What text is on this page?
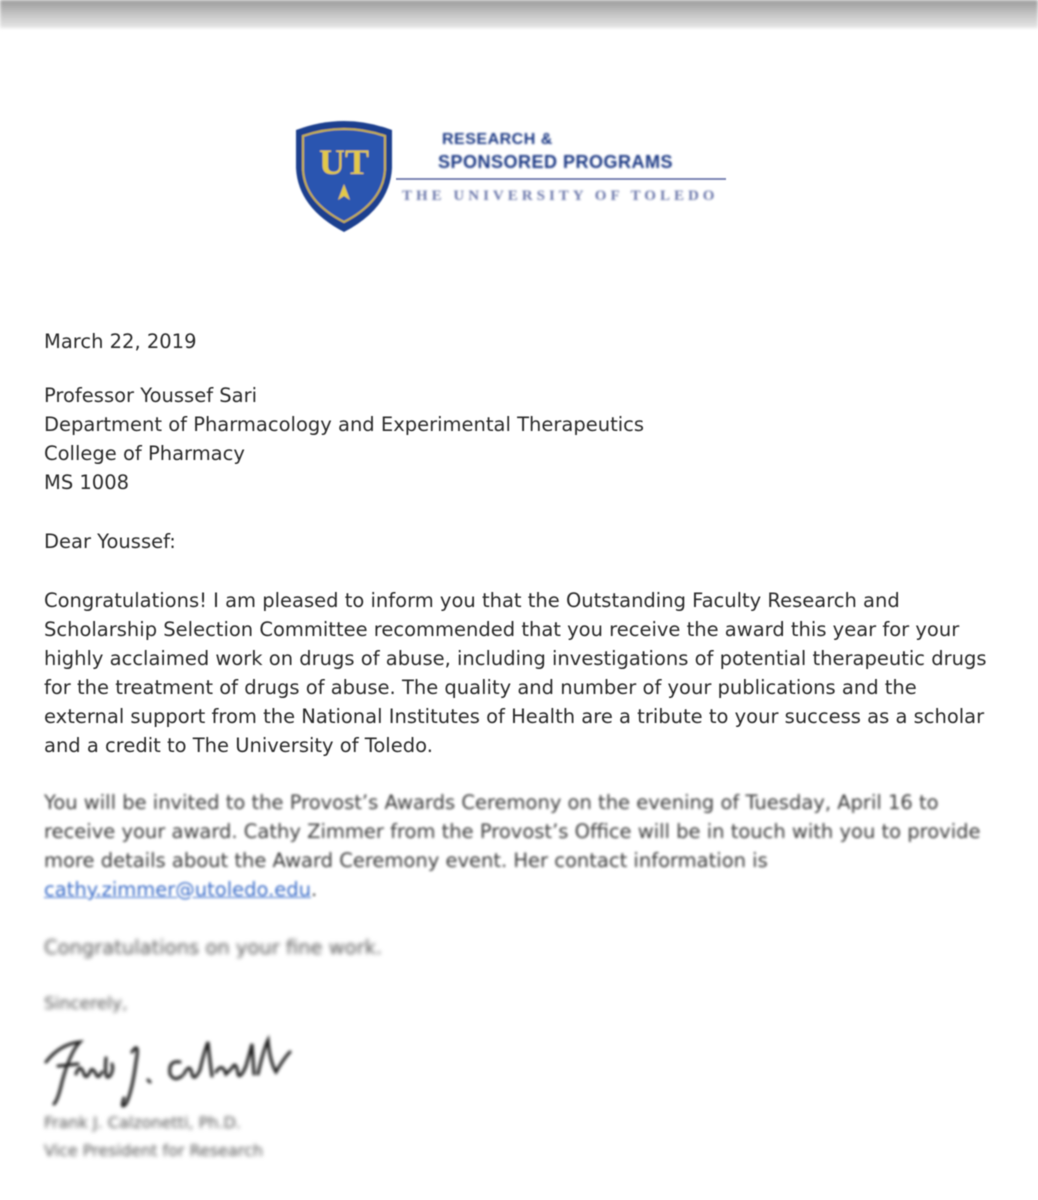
UT
RESEARCH &
SPONSORED PROGRAMS
THE UNIVERSITY OF TOLEDO
March 22, 2019
Professor Youssef Sari
Department of Pharmacology and Experimental Therapeutics
College of Pharmacy
MS 1008
Dear Youssef:
Congratulations! I am pleased to inform you that the Outstanding Faculty Research and
Scholarship Selection Committee recommended that you receive the award this year for your
highly acclaimed work on drugs of abuse, including investigations of potential therapeutic drugs
for the treatment of drugs of abuse. The quality and number of your publications and the
external support from the National Institutes of Health are a tribute to your success as a scholar
and a credit to The University of Toledo.
You will be invited to the Provost’s Awards Ceremony on the evening of Tuesday, April 16 to
receive your award. Cathy Zimmer from the Provost’s Office will be in touch with you to provide
more details about the Award Ceremony event. Her contact information is
cathy.zimmer@utoledo.edu.
Congratulations on your fine work.
Sincerely,
Frank J. Calzonetti, Ph.D.
Vice President for Research
